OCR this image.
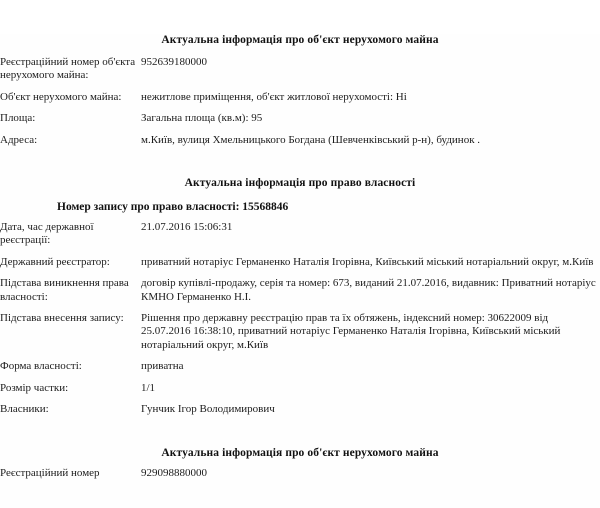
Актуальна інформація про об'єкт нерухомого майна
Реєстраційний номер об'єкта нерухомого майна:	952639180000
Об'єкт нерухомого майна:	нежитлове приміщення, об'єкт житлової нерухомості: Ні
Площа:	Загальна площа (кв.м): 95
Адреса:	м.Київ, вулиця Хмельницького Богдана (Шевченківський р-н), будинок .
Актуальна інформація про право власності
Номер запису про право власності: 15568846
Дата, час державної реєстрації:	21.07.2016 15:06:31
Державний реєстратор:	приватний нотаріус Германенко Наталія Ігорівна, Київський міський нотаріальний округ, м.Київ
Підстава виникнення права власності:	договір купівлі-продажу, серія та номер: 673, виданий 21.07.2016, видавник: Приватний нотаріус КМНО Германенко Н.І.
Підстава внесення запису:	Рішення про державну реєстрацію прав та їх обтяжень, індексний номер: 30622009 від 25.07.2016 16:38:10, приватний нотаріус Германенко Наталія Ігорівна, Київський міський нотаріальний округ, м.Київ
Форма власності:	приватна
Розмір частки:	1/1
Власники:	Гунчик Ігор Володимирович
Актуальна інформація про об'єкт нерухомого майна
Реєстраційний номер	929098880000
